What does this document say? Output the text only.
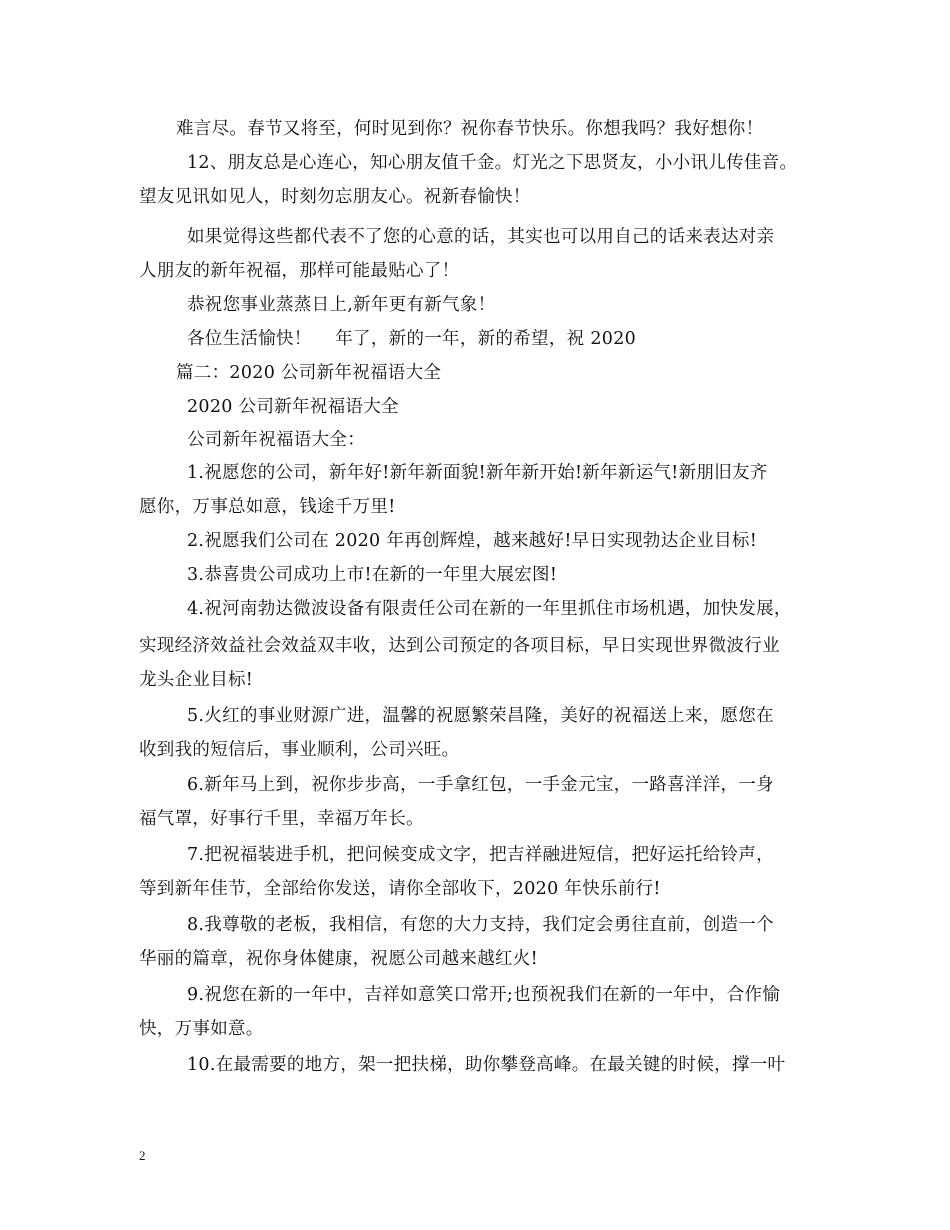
难言尽。春节又将至，何时见到你？祝你春节快乐。你想我吗？我好想你！
12、朋友总是心连心，知心朋友值千金。灯光之下思贤友，小小讯儿传佳音。
望友见讯如见人，时刻勿忘朋友心。祝新春愉快！
如果觉得这些都代表不了您的心意的话，其实也可以用自己的话来表达对亲
人朋友的新年祝福，那样可能最贴心了！
恭祝您事业蒸蒸日上,新年更有新气象！
各位生活愉快！　 年了，新的一年，新的希望，祝 2020
篇二：2020 公司新年祝福语大全
2020 公司新年祝福语大全
公司新年祝福语大全：
1.祝愿您的公司，新年好!新年新面貌!新年新开始!新年新运气!新朋旧友齐
愿你，万事总如意，钱途千万里!
2.祝愿我们公司在 2020 年再创辉煌，越来越好!早日实现勃达企业目标!
3.恭喜贵公司成功上市!在新的一年里大展宏图!
4.祝河南勃达微波设备有限责任公司在新的一年里抓住市场机遇，加快发展，
实现经济效益社会效益双丰收，达到公司预定的各项目标，早日实现世界微波行业
龙头企业目标!
5.火红的事业财源广进，温馨的祝愿繁荣昌隆，美好的祝福送上来，愿您在
收到我的短信后，事业顺利，公司兴旺。
6.新年马上到，祝你步步高，一手拿红包，一手金元宝，一路喜洋洋，一身
福气罩，好事行千里，幸福万年长。
7.把祝福装进手机，把问候变成文字，把吉祥融进短信，把好运托给铃声，
等到新年佳节，全部给你发送，请你全部收下，2020 年快乐前行!
8.我尊敬的老板，我相信，有您的大力支持，我们定会勇往直前，创造一个
华丽的篇章，祝你身体健康，祝愿公司越来越红火!
9.祝您在新的一年中，吉祥如意笑口常开;也预祝我们在新的一年中，合作愉
快，万事如意。
10.在最需要的地方，架一把扶梯，助你攀登高峰。在最关键的时候，撑一叶
2
